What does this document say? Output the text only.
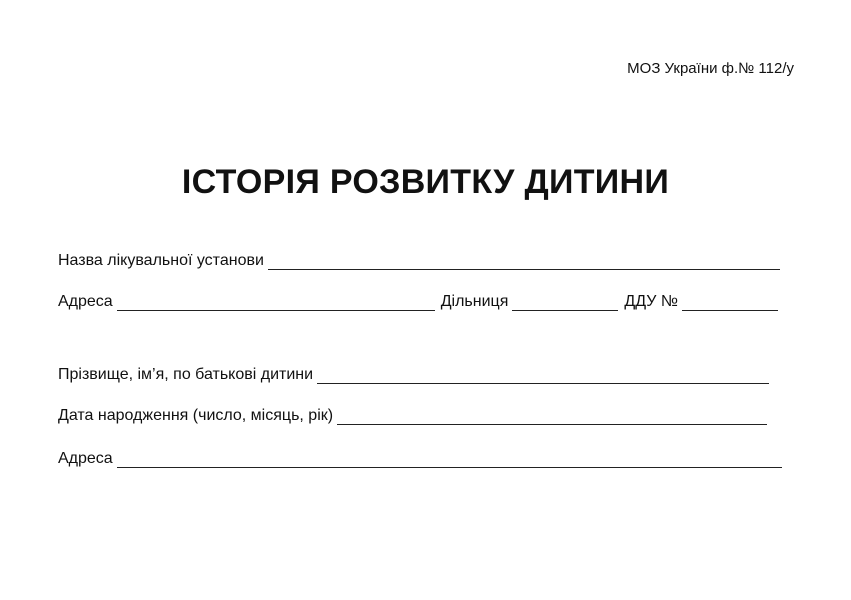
МОЗ України ф.№ 112/у
ІСТОРІЯ РОЗВИТКУ ДИТИНИ
Назва лікувальної установи
Адреса	Дільниця	ДДУ №
Прізвище, ім’я, по батькові дитини
Дата народження (число, місяць, рік)
Адреса
